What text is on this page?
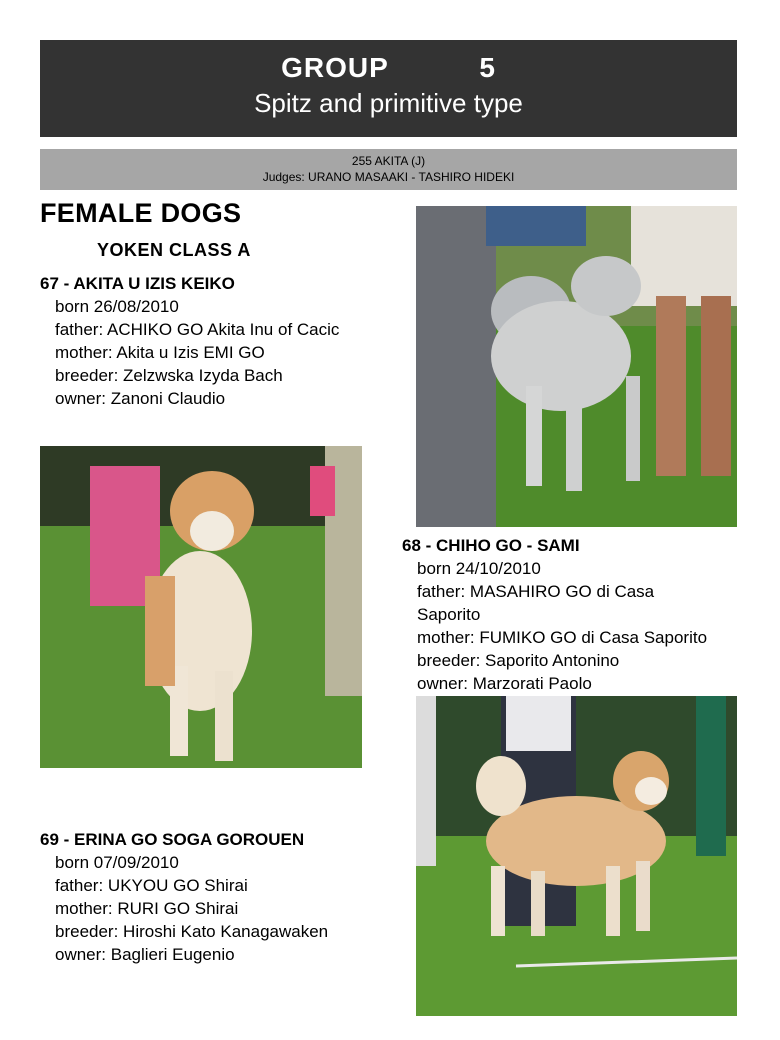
GROUP    5
Spitz and primitive type
255 AKITA (J)
Judges: URANO MASAAKI - TASHIRO HIDEKI
FEMALE DOGS
YOKEN CLASS A
67 - AKITA U IZIS KEIKO
born 26/08/2010
father: ACHIKO GO Akita Inu of Cacic
mother: Akita u Izis EMI GO
breeder: Zelzwska Izyda Bach
owner: Zanoni Claudio
68 - CHIHO GO - SAMI
born 24/10/2010
father: MASAHIRO GO di Casa
Saporito
mother: FUMIKO GO di Casa Saporito
breeder: Saporito Antonino
owner: Marzorati Paolo
69 - ERINA GO SOGA GOROUEN
born 07/09/2010
father: UKYOU GO Shirai
mother: RURI GO Shirai
breeder: Hiroshi Kato Kanagawaken
owner: Baglieri Eugenio
